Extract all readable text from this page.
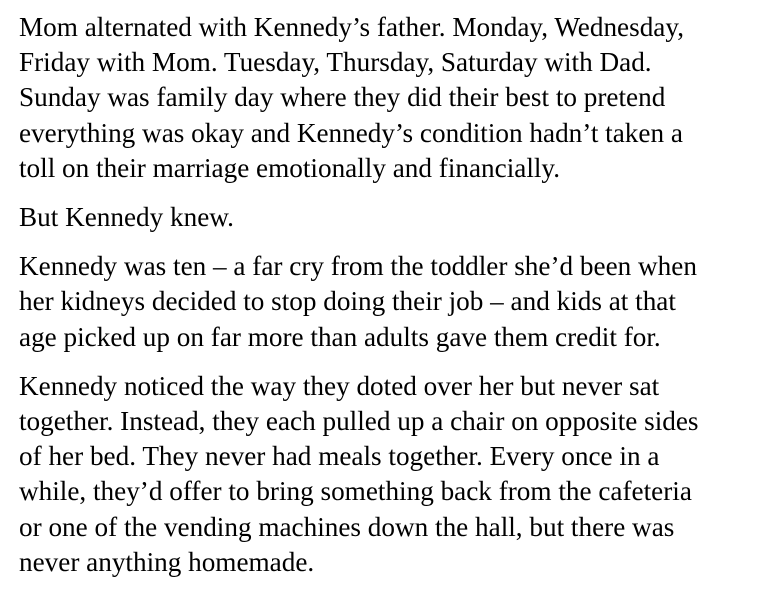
Mom alternated with Kennedy’s father. Monday, Wednesday,
Friday with Mom. Tuesday, Thursday, Saturday with Dad.
Sunday was family day where they did their best to pretend
everything was okay and Kennedy’s condition hadn’t taken a
toll on their marriage emotionally and financially.

But Kennedy knew.

Kennedy was ten – a far cry from the toddler she’d been when
her kidneys decided to stop doing their job – and kids at that
age picked up on far more than adults gave them credit for.

Kennedy noticed the way they doted over her but never sat
together. Instead, they each pulled up a chair on opposite sides
of her bed. They never had meals together. Every once in a
while, they’d offer to bring something back from the cafeteria
or one of the vending machines down the hall, but there was
never anything homemade.
